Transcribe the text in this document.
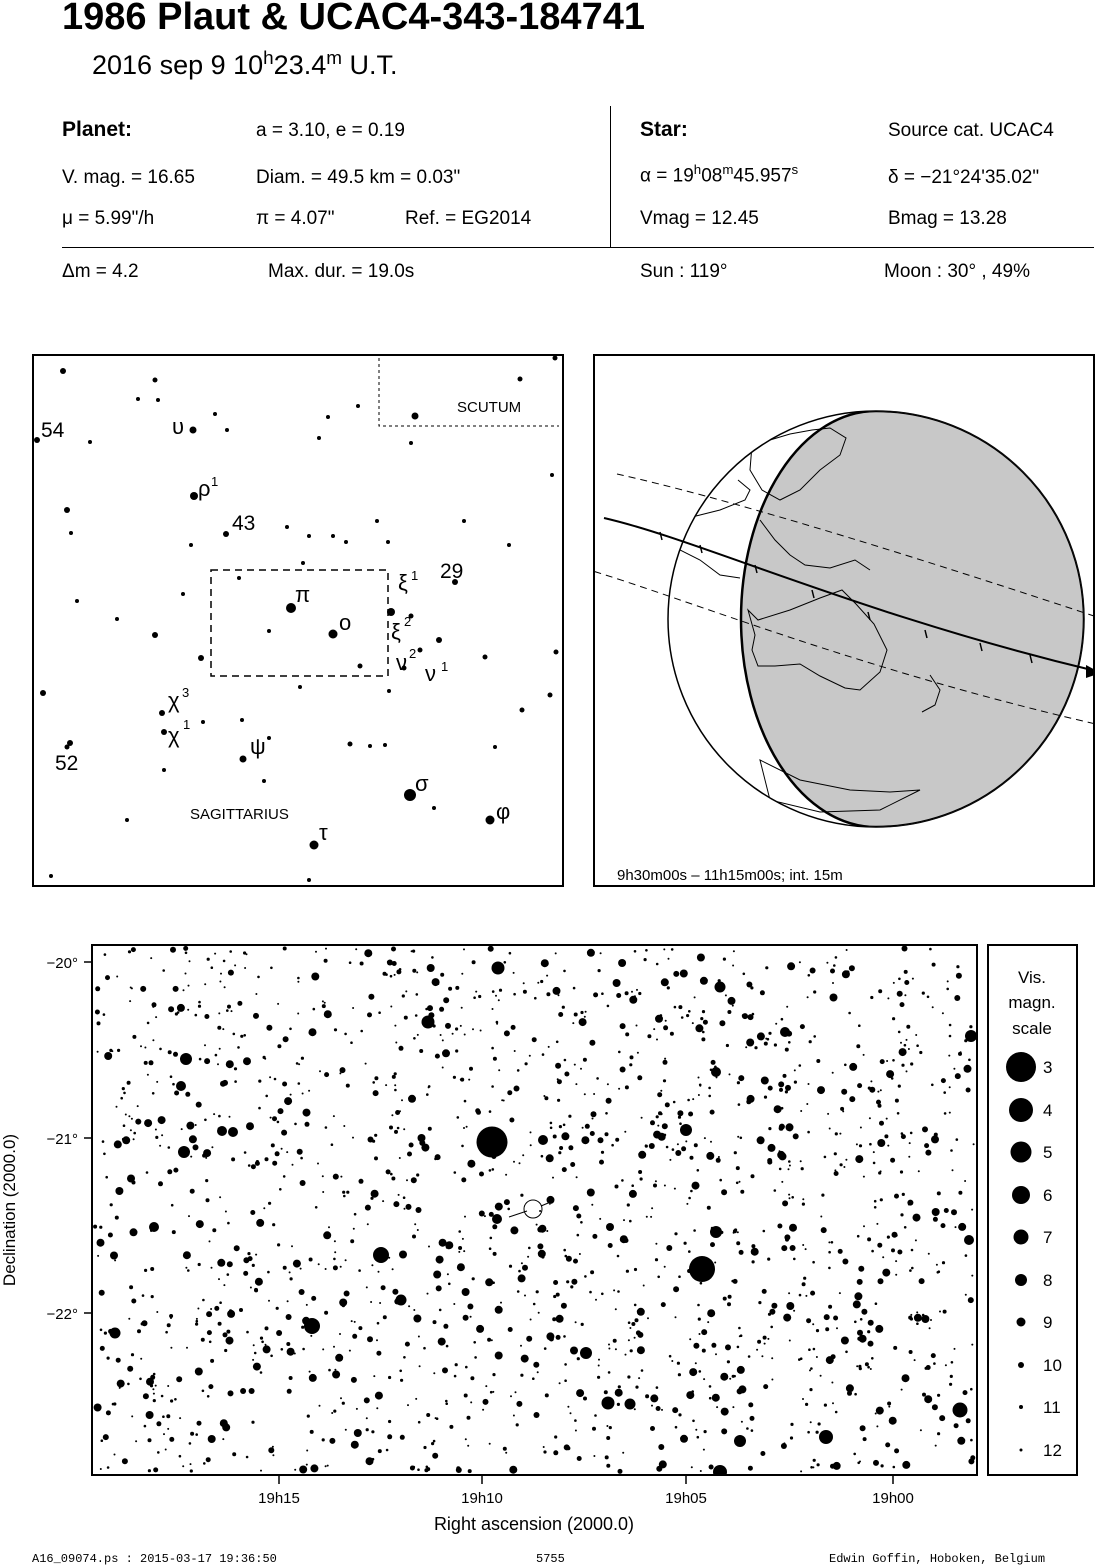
1986 Plaut & UCAC4-343-184741
2016 sep 9 10$^h$23.4$^m$ U.T.
Planet:	a = 3.10, e = 0.19
V. mag. = 16.65	Diam. = 49.5 km = 0.03"
μ = 5.99"/h	π = 4.07"	Ref. = EG2014
Star:	Source cat. UCAC4
$\alpha = 19^h08^m45.957^s$	δ = −21°24'35.02"
Vmag = 12.45	Bmag = 13.28
Δm = 4.2	Max. dur. = 19.0s	Sun : 119°	Moon : 30° , 49%
SCUTUM
SAGITTARIUS
54	υ
ρ 1
43
29
π
o
ξ 1
ξ 2
ν 2
ν 1
χ 3
χ 1
ψ
52
σ
φ
τ
9h30m00s – 11h15m00s; int. 15m
−20°
−21°
−22°
19h15	19h10	19h05	19h00
Right ascension (2000.0)
Declination (2000.0)
Vis.
magn.
scale
3
4
5
6
7
8
9
10
11
12
A16_09074.ps : 2015-03-17 19:36:50	5755	Edwin Goffin, Hoboken, Belgium
